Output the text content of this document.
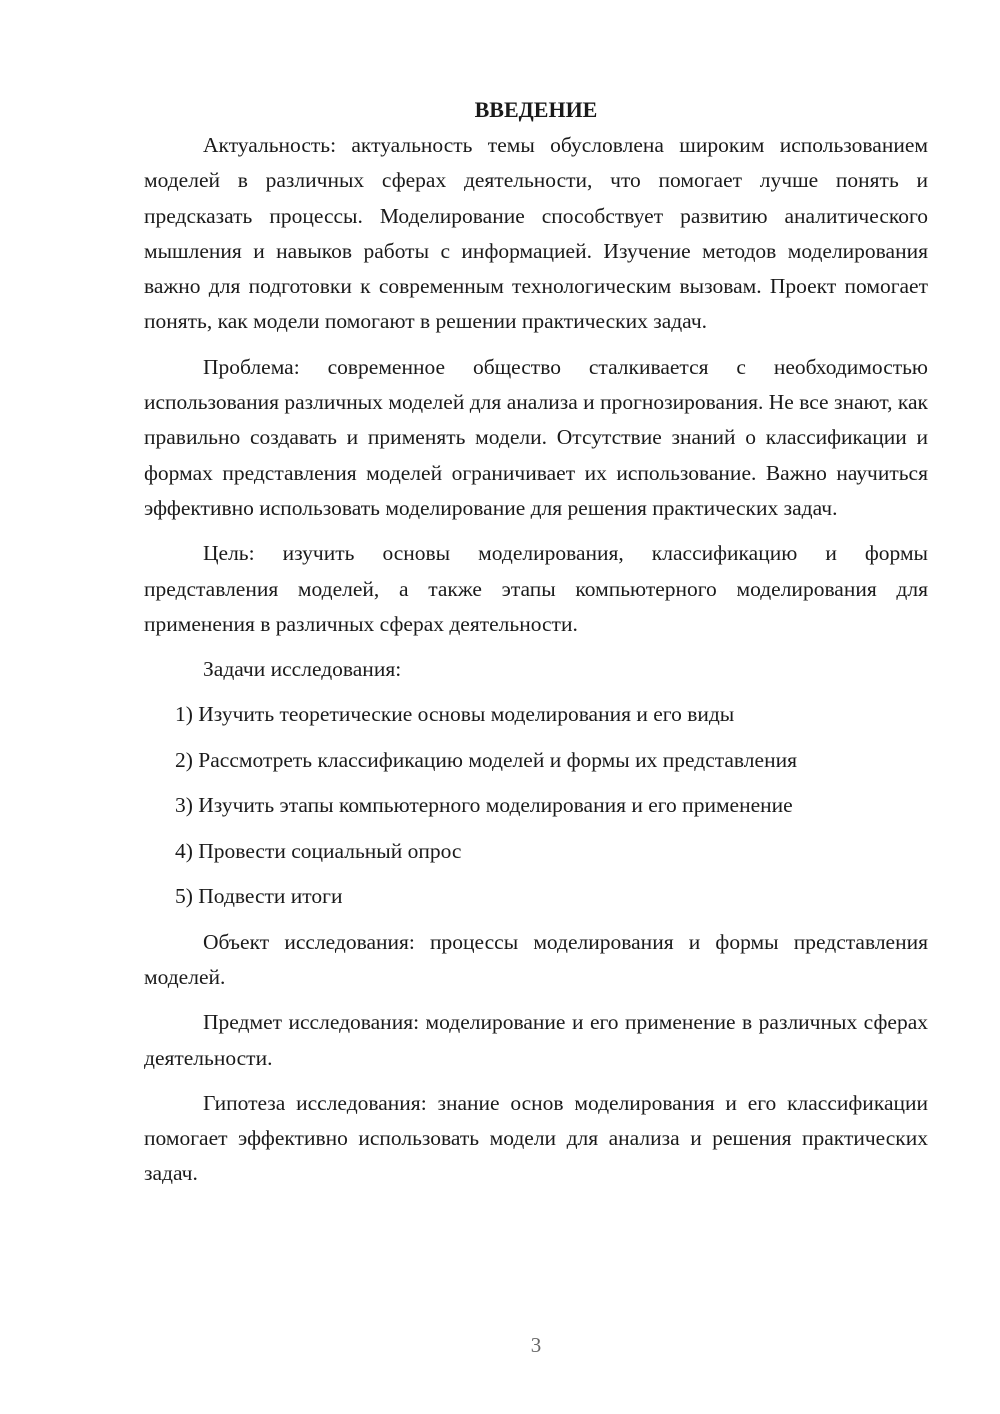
ВВЕДЕНИЕ

Актуальность: актуальность темы обусловлена широким использованием моделей в различных сферах деятельности, что помогает лучше понять и предсказать процессы. Моделирование способствует развитию аналитического мышления и навыков работы с информацией. Изучение методов моделирования важно для подготовки к современным технологическим вызовам. Проект помогает понять, как модели помогают в решении практических задач.

Проблема: современное общество сталкивается с необходимостью использования различных моделей для анализа и прогнозирования. Не все знают, как правильно создавать и применять модели. Отсутствие знаний о классификации и формах представления моделей ограничивает их использование. Важно научиться эффективно использовать моделирование для решения практических задач.

Цель: изучить основы моделирования, классификацию и формы представления моделей, а также этапы компьютерного моделирования для применения в различных сферах деятельности.

Задачи исследования:

1) Изучить теоретические основы моделирования и его виды
2) Рассмотреть классификацию моделей и формы их представления
3) Изучить этапы компьютерного моделирования и его применение
4) Провести социальный опрос
5) Подвести итоги

Объект исследования: процессы моделирования и формы представления моделей.

Предмет исследования: моделирование и его применение в различных сферах деятельности.

Гипотеза исследования: знание основ моделирования и его классификации помогает эффективно использовать модели для анализа и решения практических задач.

3
